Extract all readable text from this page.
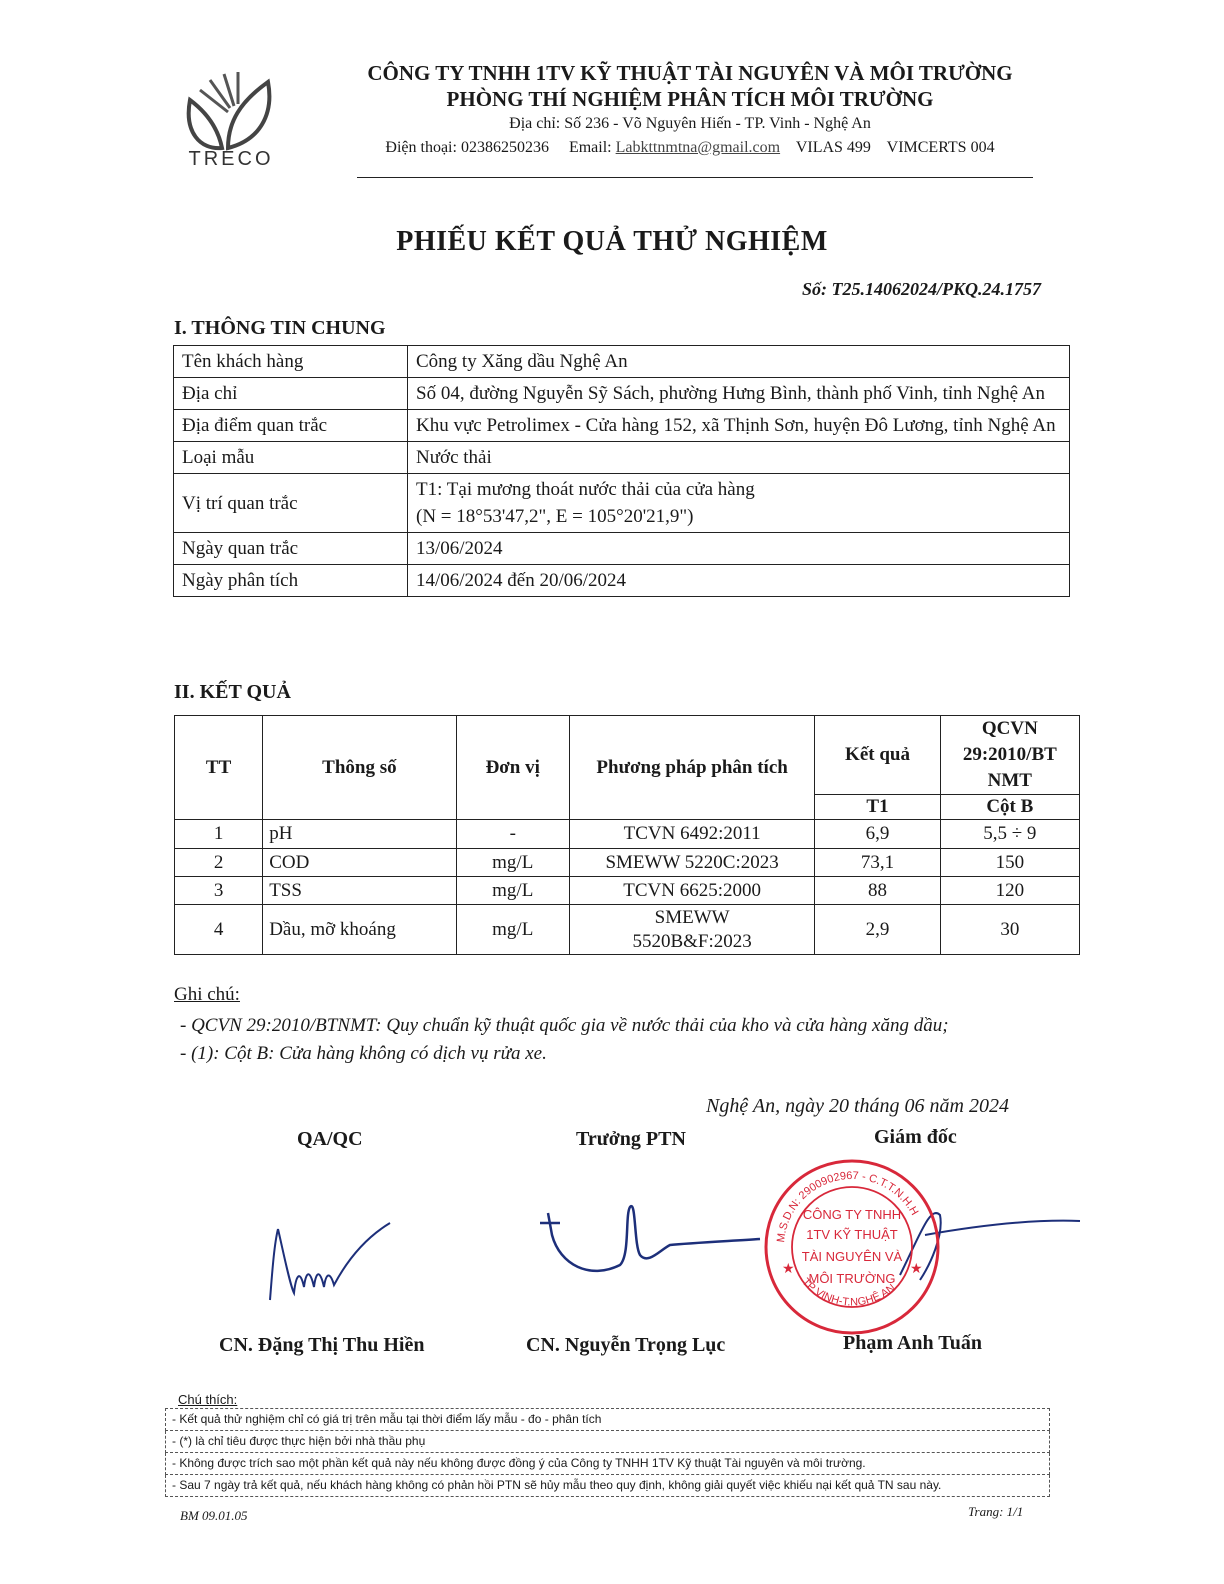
TRECO
CÔNG TY TNHH 1TV KỸ THUẬT TÀI NGUYÊN VÀ MÔI TRƯỜNG
PHÒNG THÍ NGHIỆM PHÂN TÍCH MÔI TRƯỜNG
Địa chỉ: Số 236 - Võ Nguyên Hiến - TP. Vinh - Nghệ An
Điện thoại: 02386250236 Email: Labkttnmtna@gmail.com VILAS 499 VIMCERTS 004
PHIẾU KẾT QUẢ THỬ NGHIỆM
Số: T25.14062024/PKQ.24.1757
I. THÔNG TIN CHUNG
Tên khách hàng	Công ty Xăng dầu Nghệ An
Địa chỉ	Số 04, đường Nguyễn Sỹ Sách, phường Hưng Bình, thành phố Vinh, tỉnh Nghệ An
Địa điểm quan trắc	Khu vực Petrolimex - Cửa hàng 152, xã Thịnh Sơn, huyện Đô Lương, tỉnh Nghệ An
Loại mẫu	Nước thải
Vị trí quan trắc	T1: Tại mương thoát nước thải của cửa hàng
(N = 18°53'47,2", E = 105°20'21,9")

Ngày quan trắc	13/06/2024
Ngày phân tích	14/06/2024 đến 20/06/2024
II. KẾT QUẢ
TT	Thông số	Đơn vị	Phương pháp phân tích	Kết quả	QCVN 29:2010/BT NMT
				T1	Cột B
1	pH	-	TCVN 6492:2011	6,9	5,5 ÷ 9
2	COD	mg/L	SMEWW 5220C:2023	73,1	150
3	TSS	mg/L	TCVN 6625:2000	88	120
4	Dầu, mỡ khoáng	mg/L	SMEWW 5520B&F:2023	2,9	30
Ghi chú:
- QCVN 29:2010/BTNMT: Quy chuẩn kỹ thuật quốc gia về nước thải của kho và cửa hàng xăng dầu;
- (1): Cột B: Cửa hàng không có dịch vụ rửa xe.
Nghệ An, ngày 20 tháng 06 năm 2024
QA/QC	Trưởng PTN	Giám đốc
M.S.D.N: 2900902967 - C.T.T.N.H.H
TP VINH-T.NGHỆ AN
CÔNG TY TNHH
1TV KỸ THUẬT
TÀI NGUYÊN VÀ
MÔI TRƯỜNG
★	★
CN. Đặng Thị Thu Hiền	CN. Nguyễn Trọng Lục	Phạm Anh Tuấn
Chú thích:
- Kết quả thử nghiệm chỉ có giá trị trên mẫu tại thời điểm lấy mẫu - đo - phân tích
- (*) là chỉ tiêu được thực hiện bởi nhà thầu phụ
- Không được trích sao một phần kết quả này nếu không được đồng ý của Công ty TNHH 1TV Kỹ thuật Tài nguyên và môi trường.
- Sau 7 ngày trả kết quả, nếu khách hàng không có phản hồi PTN sẽ hủy mẫu theo quy định, không giải quyết việc khiếu nại kết quả TN sau này.
BM 09.01.05	Trang: 1/1
